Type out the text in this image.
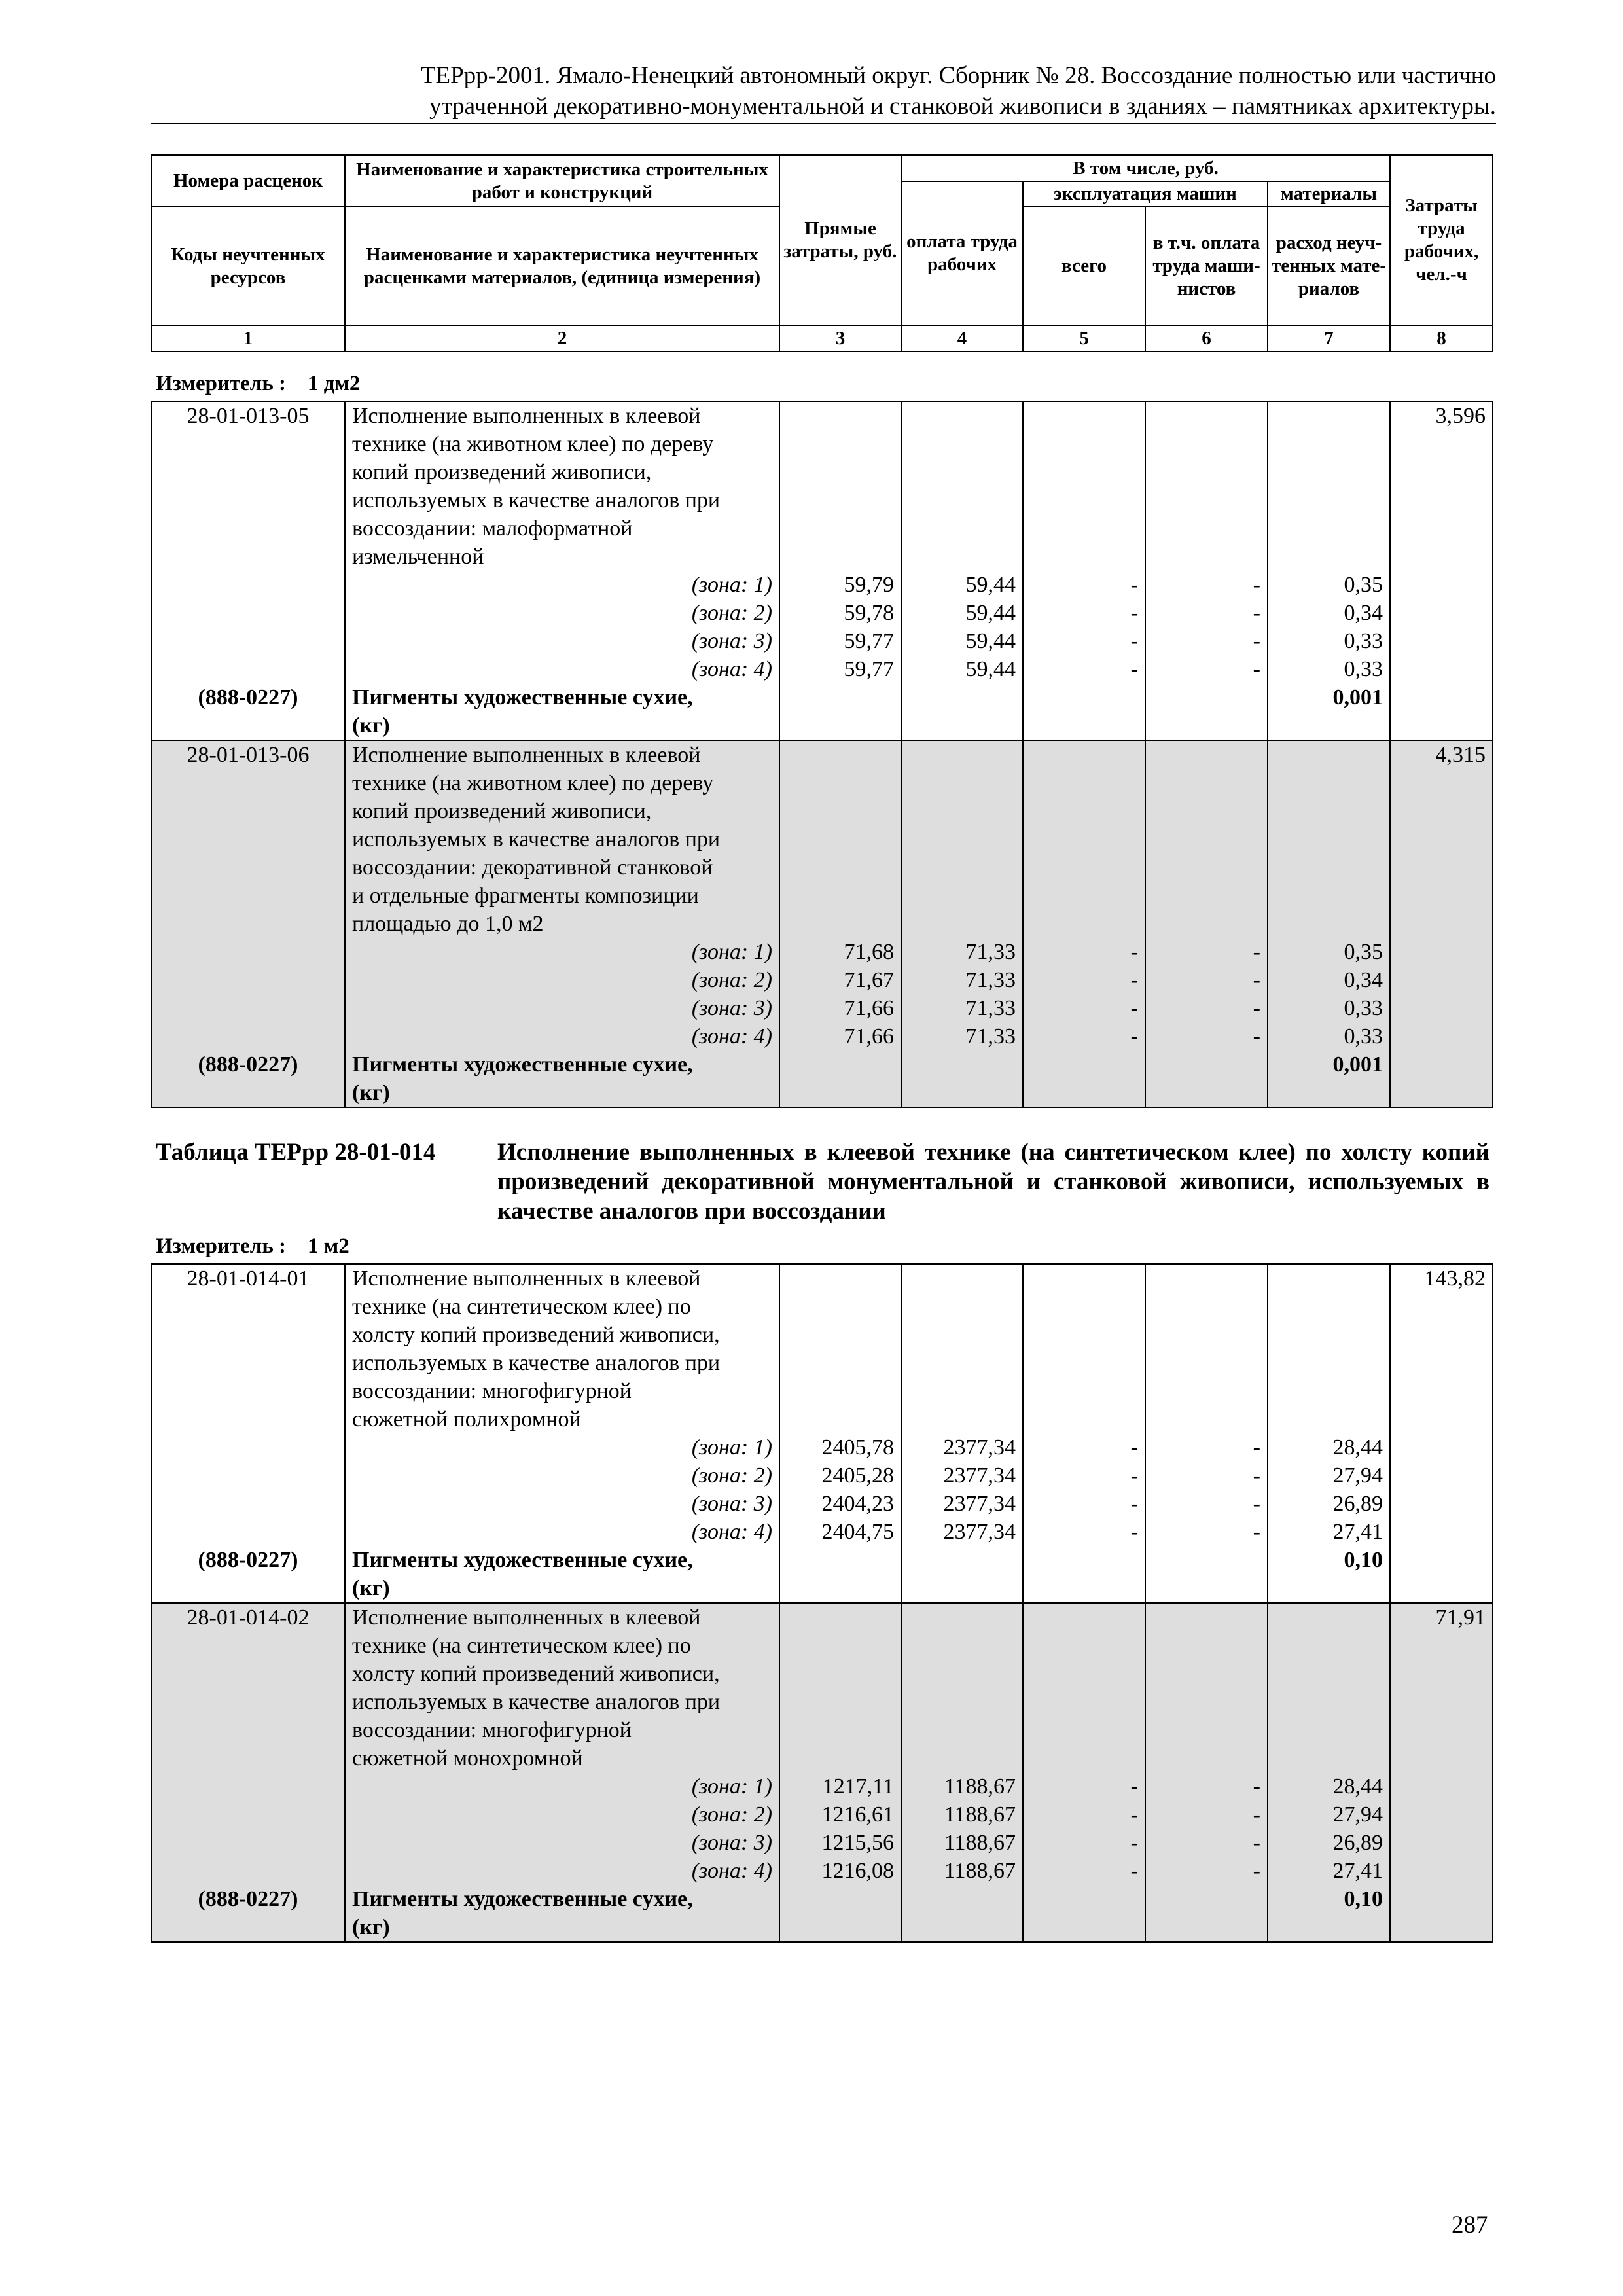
ТЕРрр-2001. Ямало-Ненецкий автономный округ. Сборник № 28. Воссоздание полностью или частично
утраченной декоративно-монументальной и станковой живописи в зданиях – памятниках архитектуры.
Номера расценок	Наименование и характеристика строительных работ и конструкций	Прямые затраты, руб.	В том числе, руб.				Затраты труда рабочих, чел.-ч
			оплата труда рабочих	эксплуатация машин		материалы	
Коды неучтенных ресурсов	Наименование и характеристика неучтенных расценками материалов, (единица измерения)			всего	в т.ч. оплата труда маши-нистов	расход неуч-тенных мате-риалов	

1	2	3	4	5	6	7	8
Измеритель : 1 дм2
28-01-013-05	Исполнение выполненных в клеевой						3,596
	технике (на животном клее) по дереву						
	копий произведений живописи,						
	используемых в качестве аналогов при						
	воссоздании: малоформатной						
	измельченной						
	(зона: 1)	59,79	59,44	-	-	0,35	
	(зона: 2)	59,78	59,44	-	-	0,34	
	(зона: 3)	59,77	59,44	-	-	0,33	
	(зона: 4)	59,77	59,44	-	-	0,33	
(888-0227)	Пигменты художественные сухие,					0,001	
	(кг)						
28-01-013-06	Исполнение выполненных в клеевой						4,315
	технике (на животном клее) по дереву						
	копий произведений живописи,						
	используемых в качестве аналогов при						
	воссоздании: декоративной станковой						
	и отдельные фрагменты композиции						
	площадью до 1,0 м2						
	(зона: 1)	71,68	71,33	-	-	0,35	
	(зона: 2)	71,67	71,33	-	-	0,34	
	(зона: 3)	71,66	71,33	-	-	0,33	
	(зона: 4)	71,66	71,33	-	-	0,33	
(888-0227)	Пигменты художественные сухие,					0,001	
	(кг)						
Таблица ТЕРрр 28-01-014	Исполнение выполненных в клеевой технике (на синтетическом клее) по холсту копий произведений декоративной монументальной и станковой живописи, используемых в качестве аналогов при воссоздании
Измеритель : 1 м2
28-01-014-01	Исполнение выполненных в клеевой						143,82
	технике (на синтетическом клее) по						
	холсту копий произведений живописи,						
	используемых в качестве аналогов при						
	воссоздании: многофигурной						
	сюжетной полихромной						
	(зона: 1)	2405,78	2377,34	-	-	28,44	
	(зона: 2)	2405,28	2377,34	-	-	27,94	
	(зона: 3)	2404,23	2377,34	-	-	26,89	
	(зона: 4)	2404,75	2377,34	-	-	27,41	
(888-0227)	Пигменты художественные сухие,					0,10	
	(кг)						
28-01-014-02	Исполнение выполненных в клеевой						71,91
	технике (на синтетическом клее) по						
	холсту копий произведений живописи,						
	используемых в качестве аналогов при						
	воссоздании: многофигурной						
	сюжетной монохромной						
	(зона: 1)	1217,11	1188,67	-	-	28,44	
	(зона: 2)	1216,61	1188,67	-	-	27,94	
	(зона: 3)	1215,56	1188,67	-	-	26,89	
	(зона: 4)	1216,08	1188,67	-	-	27,41	
(888-0227)	Пигменты художественные сухие,					0,10	
	(кг)						
287
